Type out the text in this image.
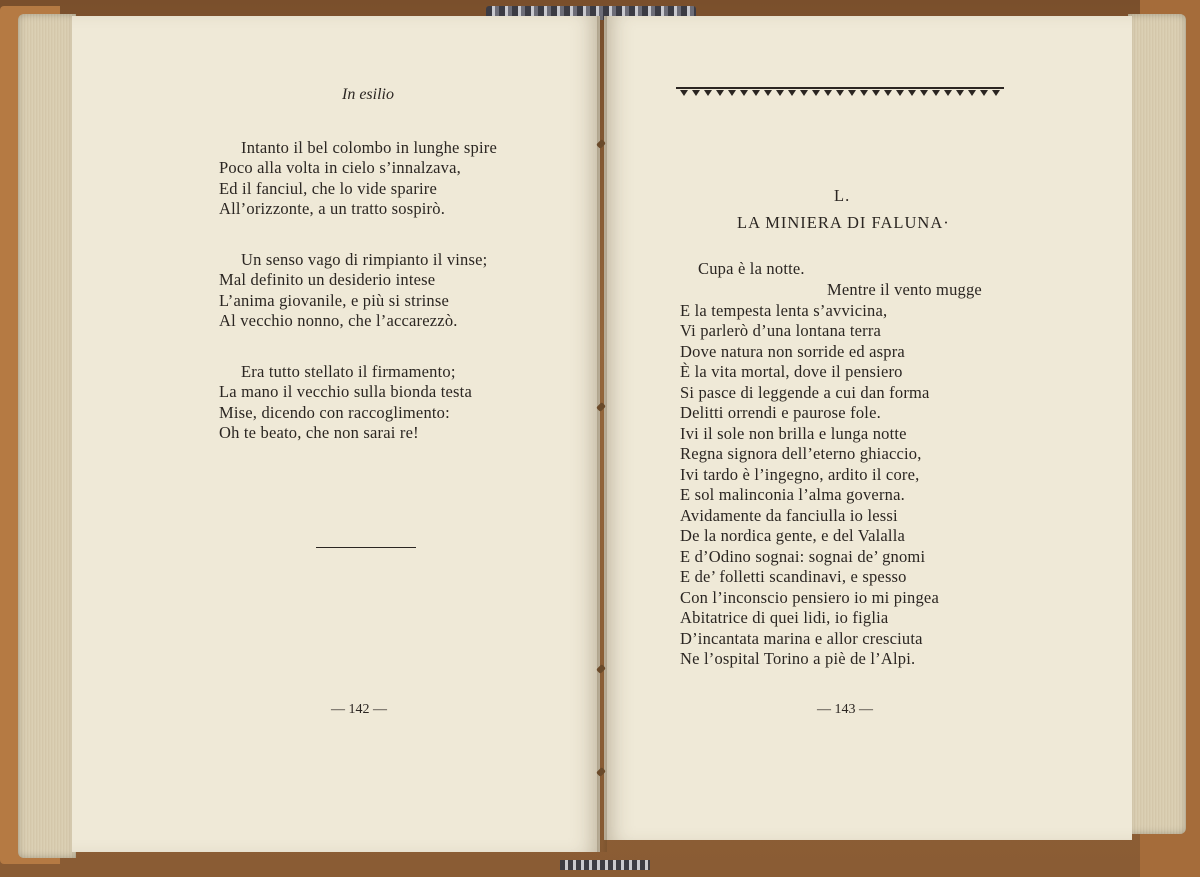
In esilio
Intanto il bel colombo in lunghe spire
Poco alla volta in cielo s’innalzava,
Ed il fanciul, che lo vide sparire
All’orizzonte, a un tratto sospirò.
Un senso vago di rimpianto il vinse;
Mal definito un desiderio intese
L’anima giovanile, e più si strinse
Al vecchio nonno, che l’accarezzò.
Era tutto stellato il firmamento;
La mano il vecchio sulla bionda testa
Mise, dicendo con raccoglimento:
Oh te beato, che non sarai re!
— 142 —
L.
LA MINIERA DI FALUNA·
Cupa è la notte.
Mentre il vento mugge
E la tempesta lenta s’avvicina,
Vi parlerò d’una lontana terra
Dove natura non sorride ed aspra
È la vita mortal, dove il pensiero
Si pasce di leggende a cui dan forma
Delitti orrendi e paurose fole.
Ivi il sole non brilla e lunga notte
Regna signora dell’eterno ghiaccio,
Ivi tardo è l’ingegno, ardito il core,
E sol malinconia l’alma governa.
Avidamente da fanciulla io lessi
De la nordica gente, e del Valalla
E d’Odino sognai: sognai de’ gnomi
E de’ folletti scandinavi, e spesso
Con l’inconscio pensiero io mi pingea
Abitatrice di quei lidi, io figlia
D’incantata marina e allor cresciuta
Ne l’ospital Torino a piè de l’Alpi.
— 143 —
